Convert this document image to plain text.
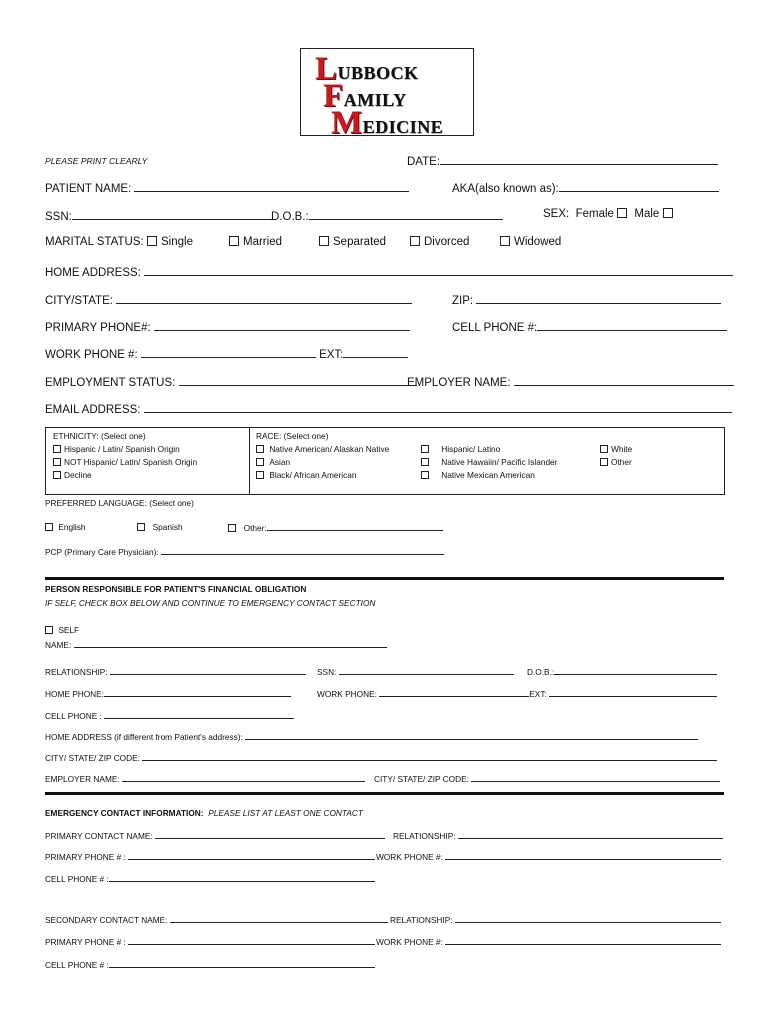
LUBBOCK
FAMILY
MEDICINE
PLEASE PRINT CLEARLY	DATE:
PATIENT NAME:	AKA(also known as):
SSN:	D.O.B.:	SEX: Female Male
MARITAL STATUS:	Single	Married	Separated	Divorced	Widowed
HOME ADDRESS:
CITY/STATE:	ZIP:
PRIMARY PHONE#:	CELL PHONE #:
WORK PHONE #:	EXT:
EMPLOYMENT STATUS:	EMPLOYER NAME:
EMAIL ADDRESS:
ETHNICITY: (Select one)
Hispanic / Latin/ Spanish Origin
NOT Hispanic/ Latin/ Spanish Origin
Decline
RACE: (Select one)
Native American/ Alaskan Native
Asian
Black/ African American
Hispanic/ Latino
Native Hawaiin/ Pacific Islander
Native Mexican American
White
Other
PREFERRED LANGUAGE: (Select one)
English	Spanish	Other:
PCP (Primary Care Physician):
PERSON RESPONSIBLE FOR PATIENT'S FINANCIAL OBLIGATION
IF SELF, CHECK BOX BELOW AND CONTINUE TO EMERGENCY CONTACT SECTION
SELF
NAME:
RELATIONSHIP:	SSN:	D.O.B.:
HOME PHONE:	WORK PHONE:	EXT:
CELL PHONE :
HOME ADDRESS (if different from Patient's address):
CITY/ STATE/ ZIP CODE:
EMPLOYER NAME:	CITY/ STATE/ ZIP CODE:
EMERGENCY CONTACT INFORMATION: PLEASE LIST AT LEAST ONE CONTACT
PRIMARY CONTACT NAME:	RELATIONSHIP:
PRIMARY PHONE # :	WORK PHONE #:
CELL PHONE # :
SECONDARY CONTACT NAME:	RELATIONSHIP:
PRIMARY PHONE # :	WORK PHONE #:
CELL PHONE # :
